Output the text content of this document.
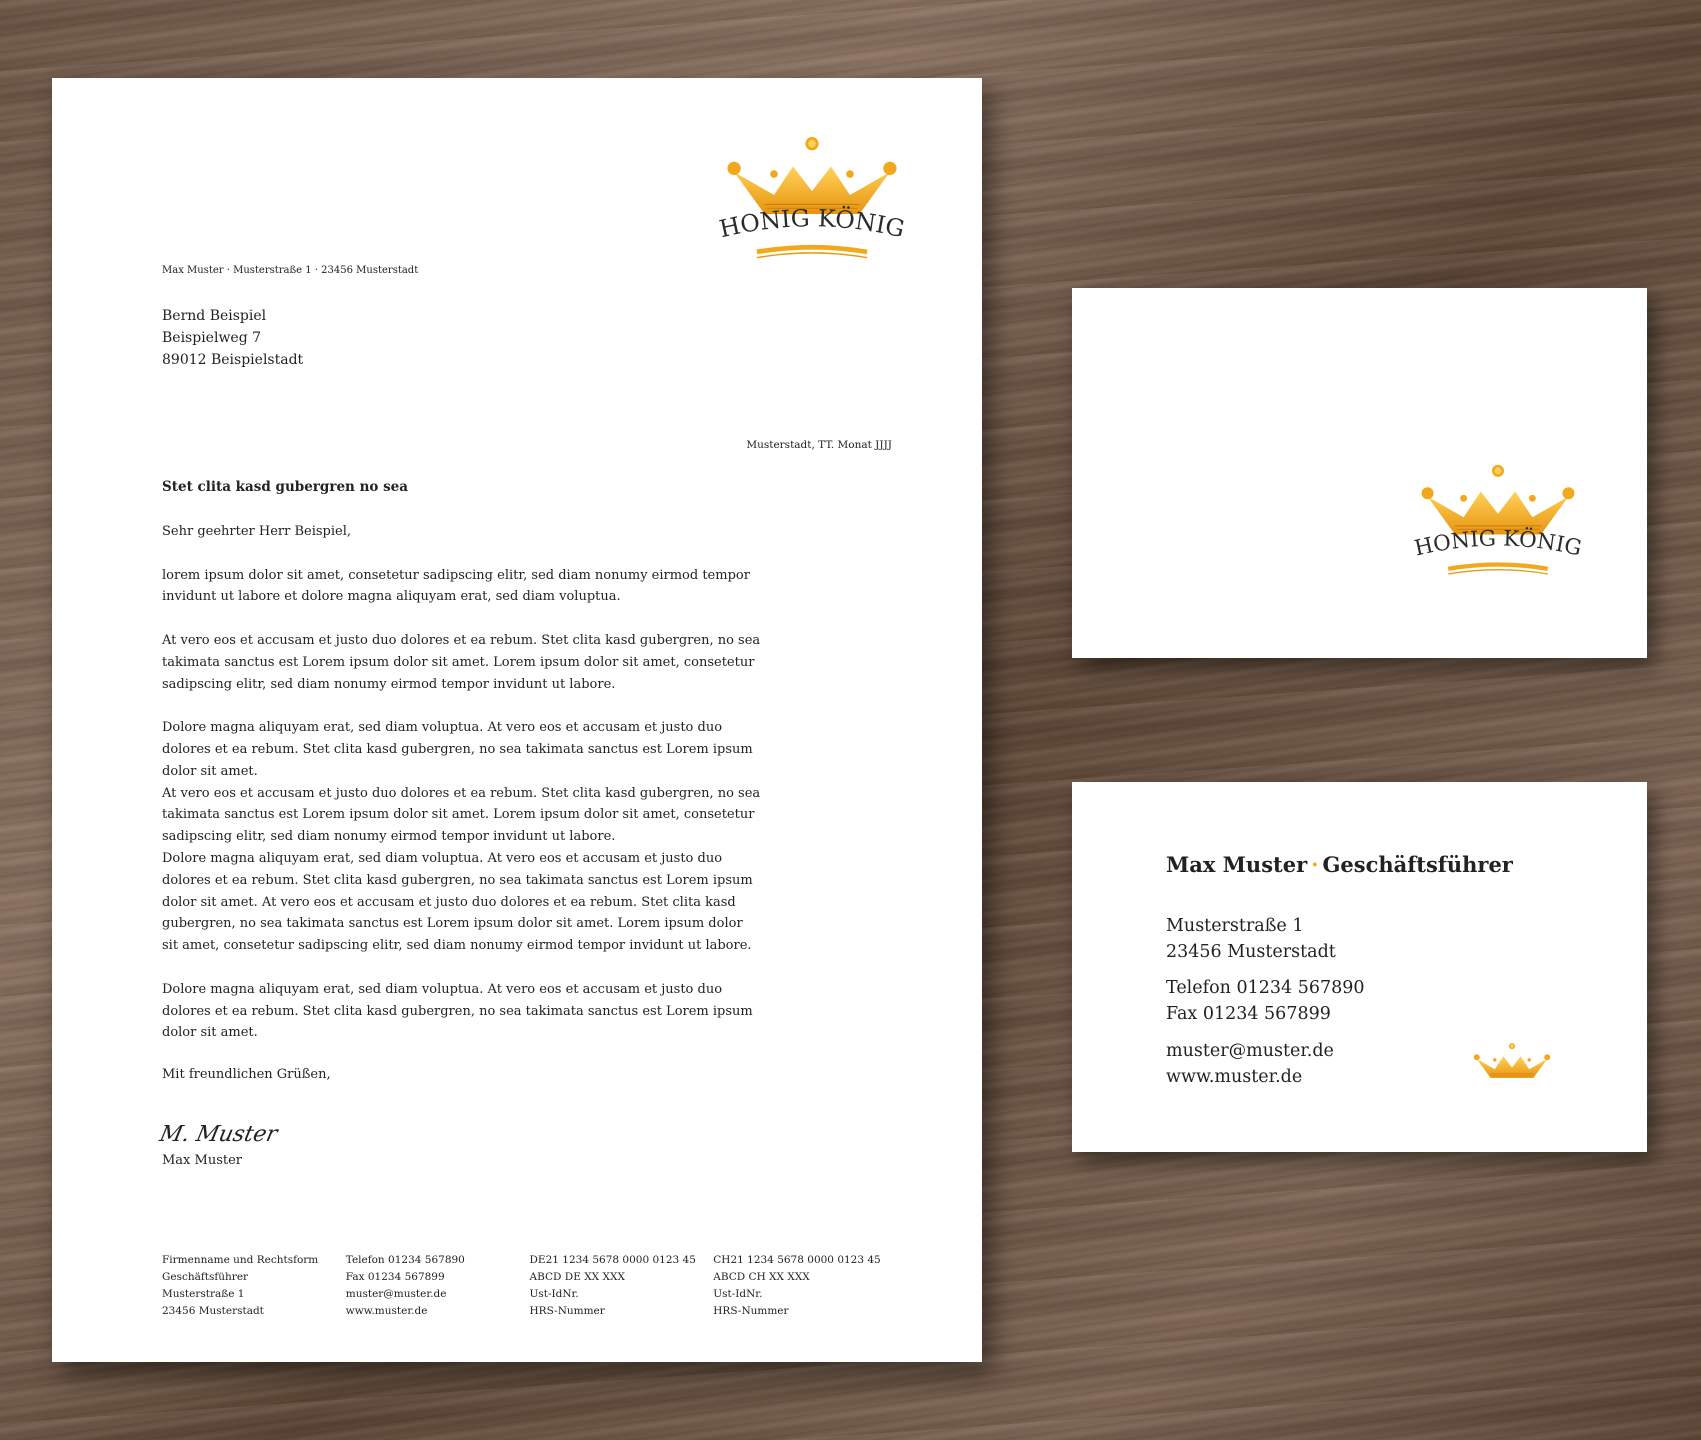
HONIG KÖNIG
Max Muster · Musterstraße 1 · 23456 Musterstadt
Bernd Beispiel
Beispielweg 7
89012 Beispielstadt
Musterstadt, TT. Monat JJJJ
Stet clita kasd gubergren no sea

Sehr geehrter Herr Beispiel,

lorem ipsum dolor sit amet, consetetur sadipscing elitr, sed diam nonumy eirmod tempor invidunt ut labore et dolore magna aliquyam erat, sed diam voluptua.

At vero eos et accusam et justo duo dolores et ea rebum. Stet clita kasd gubergren, no sea takimata sanctus est Lorem ipsum dolor sit amet. Lorem ipsum dolor sit amet, consetetur sadipscing elitr, sed diam nonumy eirmod tempor invidunt ut labore.

Dolore magna aliquyam erat, sed diam voluptua. At vero eos et accusam et justo duo dolores et ea rebum. Stet clita kasd gubergren, no sea takimata sanctus est Lorem ipsum dolor sit amet.

At vero eos et accusam et justo duo dolores et ea rebum. Stet clita kasd gubergren, no sea takimata sanctus est Lorem ipsum dolor sit amet. Lorem ipsum dolor sit amet, consetetur sadipscing elitr, sed diam nonumy eirmod tempor invidunt ut labore.

Dolore magna aliquyam erat, sed diam voluptua. At vero eos et accusam et justo duo dolores et ea rebum. Stet clita kasd gubergren, no sea takimata sanctus est Lorem ipsum dolor sit amet. At vero eos et accusam et justo duo dolores et ea rebum. Stet clita kasd gubergren, no sea takimata sanctus est Lorem ipsum dolor sit amet. Lorem ipsum dolor sit amet, consetetur sadipscing elitr, sed diam nonumy eirmod tempor invidunt ut labore.

Dolore magna aliquyam erat, sed diam voluptua. At vero eos et accusam et justo duo dolores et ea rebum. Stet clita kasd gubergren, no sea takimata sanctus est Lorem ipsum dolor sit amet.

Mit freundlichen Grüßen,
M. Muster
Max Muster
Firmenname und Rechtsform
Geschäftsführer
Musterstraße 1
23456 Musterstadt
Telefon 01234 567890
Fax 01234 567899
muster@muster.de
www.muster.de
DE21 1234 5678 0000 0123 45
ABCD DE XX XXX
Ust-IdNr.
HRS-Nummer
CH21 1234 5678 0000 0123 45
ABCD CH XX XXX
Ust-IdNr.
HRS-Nummer
HONIG KÖNIG
Max Muster · Geschäftsführer
Musterstraße 1
23456 Musterstadt
Telefon 01234 567890
Fax 01234 567899
muster@muster.de
www.muster.de
